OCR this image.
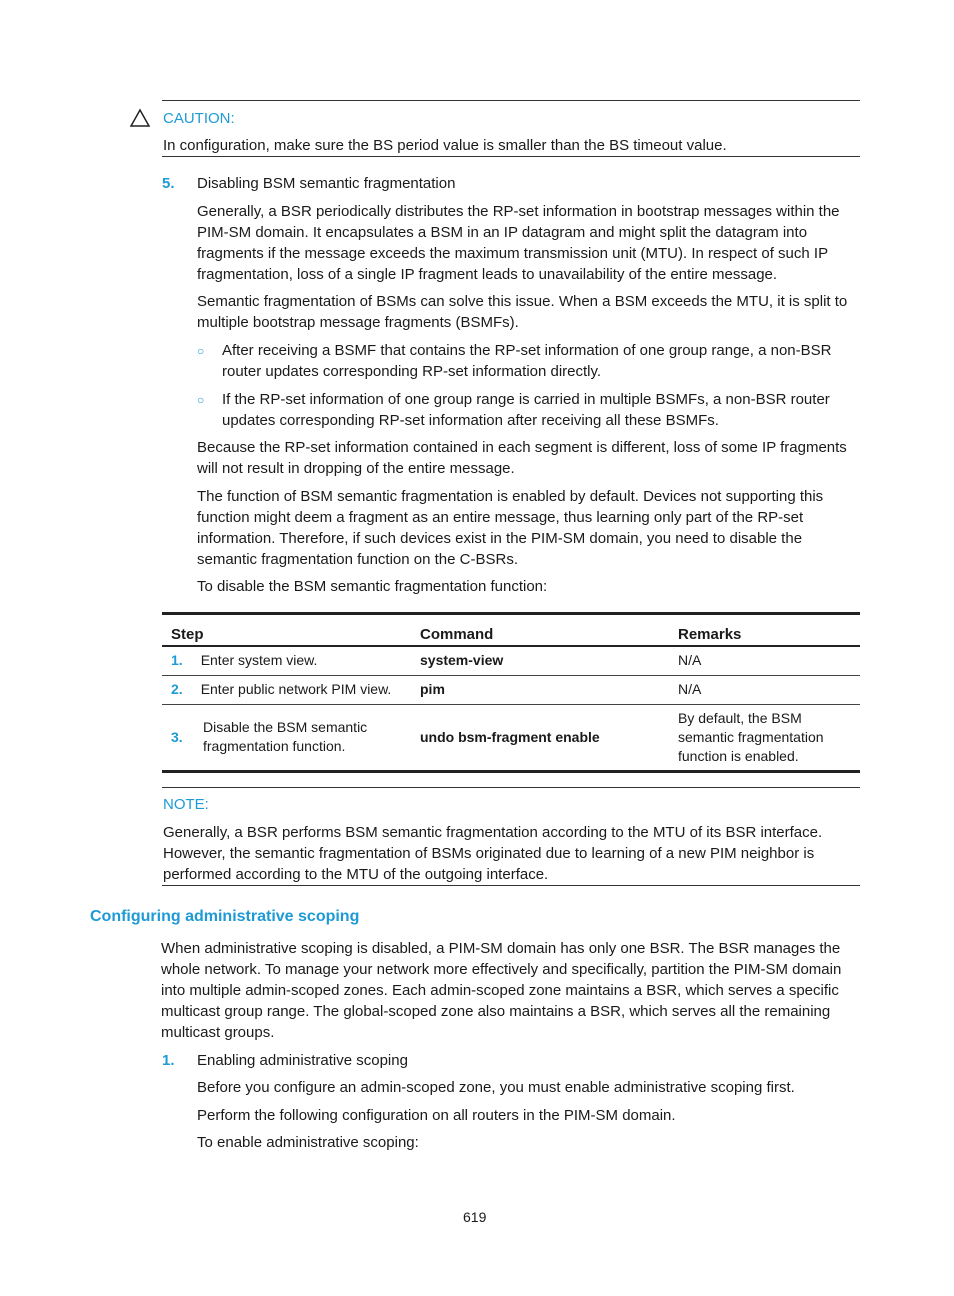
CAUTION:
In configuration, make sure the BS period value is smaller than the BS timeout value.
5. Disabling BSM semantic fragmentation
Generally, a BSR periodically distributes the RP-set information in bootstrap messages within the
PIM-SM domain. It encapsulates a BSM in an IP datagram and might split the datagram into
fragments if the message exceeds the maximum transmission unit (MTU). In respect of such IP
fragmentation, loss of a single IP fragment leads to unavailability of the entire message.
Semantic fragmentation of BSMs can solve this issue. When a BSM exceeds the MTU, it is split to
multiple bootstrap message fragments (BSMFs).
○ After receiving a BSMF that contains the RP-set information of one group range, a non-BSR
router updates corresponding RP-set information directly.
○ If the RP-set information of one group range is carried in multiple BSMFs, a non-BSR router
updates corresponding RP-set information after receiving all these BSMFs.
Because the RP-set information contained in each segment is different, loss of some IP fragments
will not result in dropping of the entire message.
The function of BSM semantic fragmentation is enabled by default. Devices not supporting this
function might deem a fragment as an entire message, thus learning only part of the RP-set
information. Therefore, if such devices exist in the PIM-SM domain, you need to disable the
semantic fragmentation function on the C-BSRs.
To disable the BSM semantic fragmentation function:
Step	Command	Remarks
1. Enter system view.	system-view	N/A
2. Enter public network PIM view.	pim	N/A

3.
Disable the BSM semantic
fragmentation function.	undo bsm-fragment enable	By default, the BSM
semantic fragmentation
function is enabled.
NOTE:
Generally, a BSR performs BSM semantic fragmentation according to the MTU of its BSR interface.
However, the semantic fragmentation of BSMs originated due to learning of a new PIM neighbor is
performed according to the MTU of the outgoing interface.
Configuring administrative scoping
When administrative scoping is disabled, a PIM-SM domain has only one BSR. The BSR manages the
whole network. To manage your network more effectively and specifically, partition the PIM-SM domain
into multiple admin-scoped zones. Each admin-scoped zone maintains a BSR, which serves a specific
multicast group range. The global-scoped zone also maintains a BSR, which serves all the remaining
multicast groups.
1. Enabling administrative scoping
Before you configure an admin-scoped zone, you must enable administrative scoping first.
Perform the following configuration on all routers in the PIM-SM domain.
To enable administrative scoping:
619
